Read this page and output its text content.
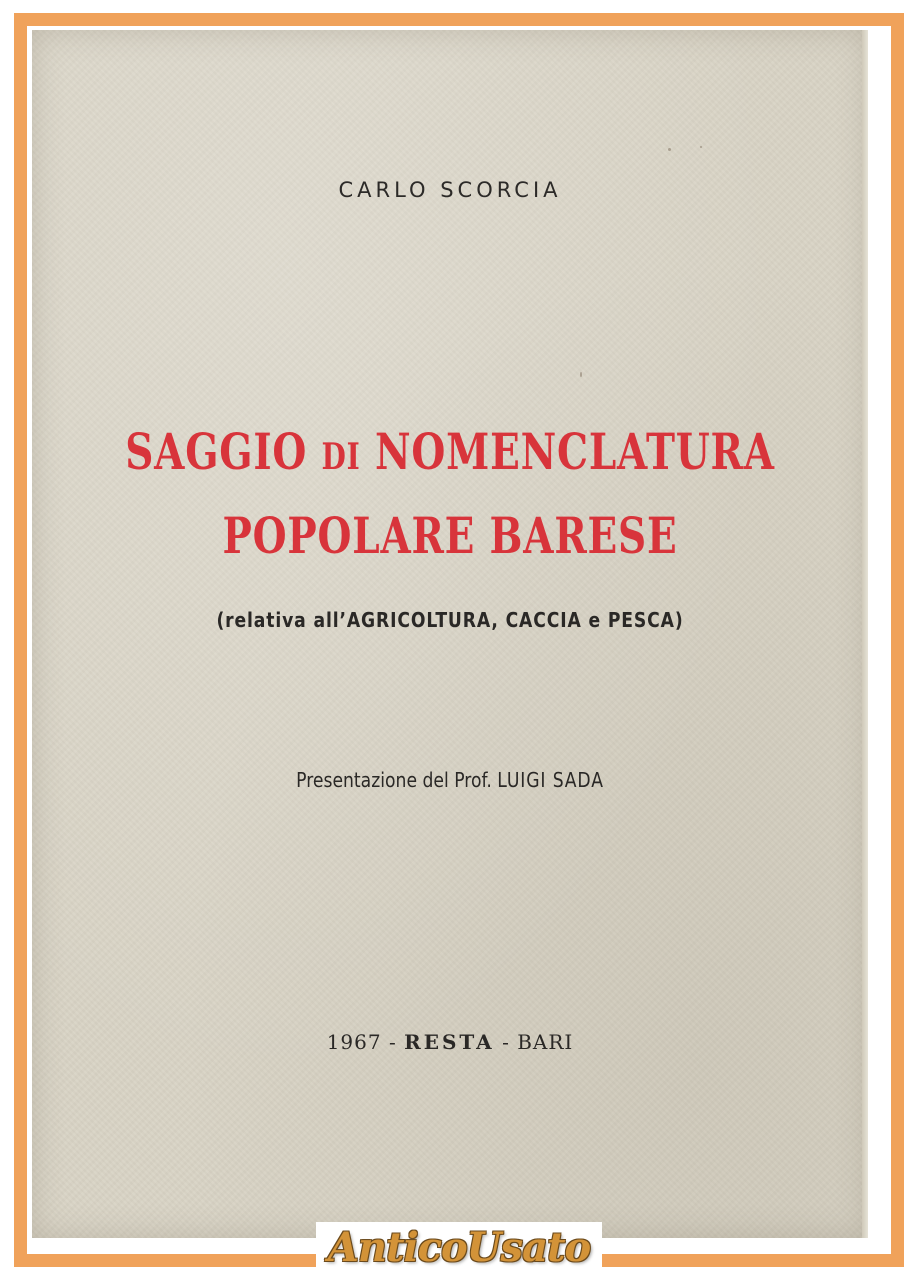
CARLO SCORCIA
SAGGIO DI NOMENCLATURA
POPOLARE BARESE
(relativa all’AGRICOLTURA, CACCIA e PESCA)
Presentazione del Prof. LUIGI SADA
1967 - RESTA - BARI
AnticoUsato
